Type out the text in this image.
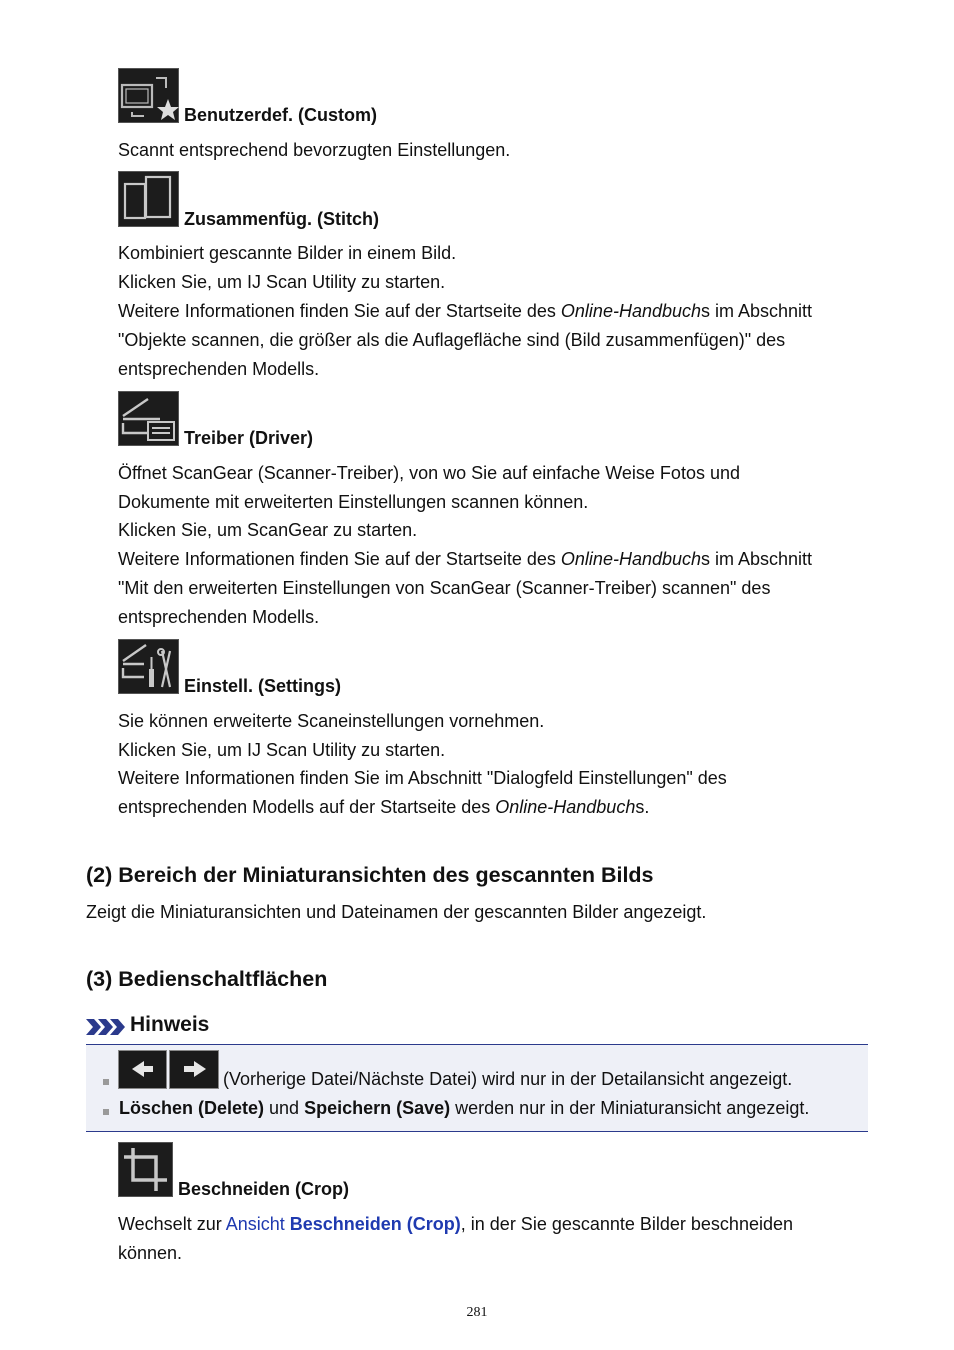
Benutzerdef. (Custom)
Scannt entsprechend bevorzugten Einstellungen.
Zusammenfüg. (Stitch)
Kombiniert gescannte Bilder in einem Bild.
Klicken Sie, um IJ Scan Utility zu starten.
Weitere Informationen finden Sie auf der Startseite des Online-Handbuchs im Abschnitt
"Objekte scannen, die größer als die Auflagefläche sind (Bild zusammenfügen)" des
entsprechenden Modells.
Treiber (Driver)
Öffnet ScanGear (Scanner-Treiber), von wo Sie auf einfache Weise Fotos und
Dokumente mit erweiterten Einstellungen scannen können.
Klicken Sie, um ScanGear zu starten.
Weitere Informationen finden Sie auf der Startseite des Online-Handbuchs im Abschnitt
"Mit den erweiterten Einstellungen von ScanGear (Scanner-Treiber) scannen" des
entsprechenden Modells.
Einstell. (Settings)
Sie können erweiterte Scaneinstellungen vornehmen.
Klicken Sie, um IJ Scan Utility zu starten.
Weitere Informationen finden Sie im Abschnitt "Dialogfeld Einstellungen" des
entsprechenden Modells auf der Startseite des Online-Handbuchs.
(2) Bereich der Miniaturansichten des gescannten Bilds
Zeigt die Miniaturansichten und Dateinamen der gescannten Bilder angezeigt.
(3) Bedienschaltflächen
Hinweis
(Vorherige Datei/Nächste Datei) wird nur in der Detailansicht angezeigt.
Löschen (Delete) und Speichern (Save) werden nur in der Miniaturansicht angezeigt.
Beschneiden (Crop)
Wechselt zur Ansicht Beschneiden (Crop), in der Sie gescannte Bilder beschneiden
können.
281
